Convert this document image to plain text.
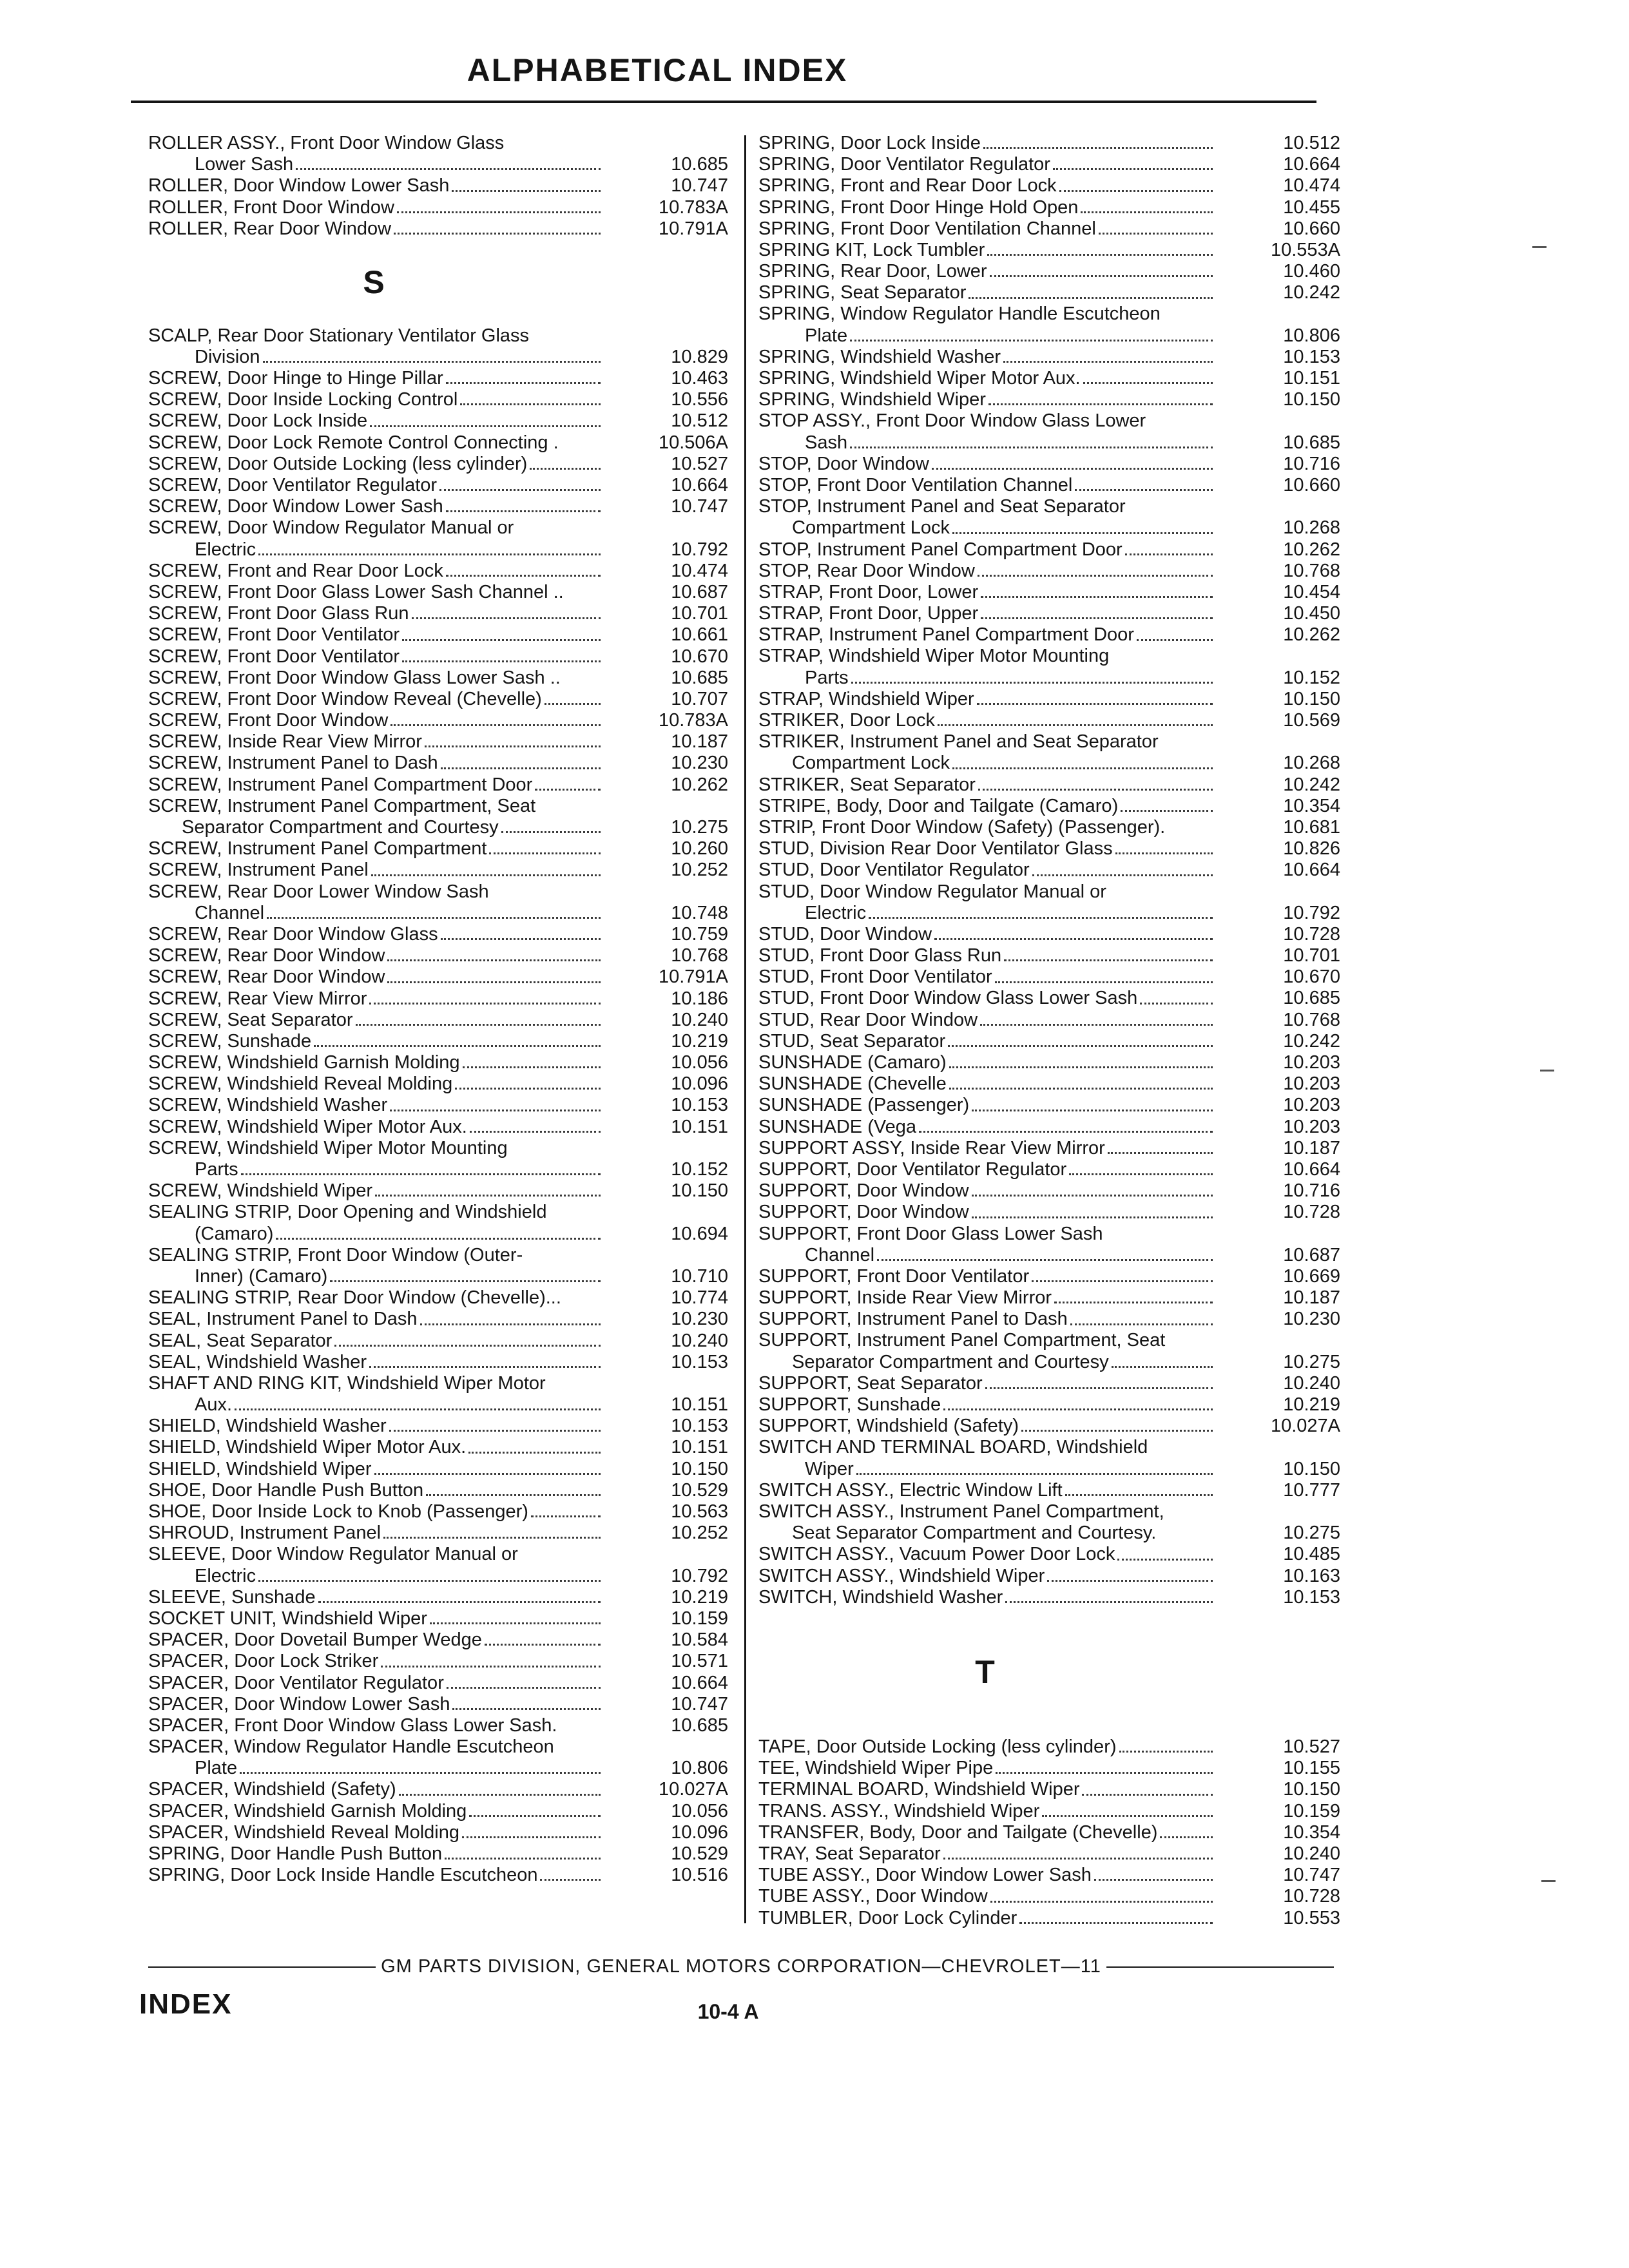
ALPHABETICAL INDEX
ROLLER ASSY., Front Door Window Glass
Lower Sash	10.685
ROLLER, Door Window Lower Sash	10.747
ROLLER, Front Door Window	10.783A
ROLLER, Rear Door Window	10.791A
S
SCALP, Rear Door Stationary Ventilator Glass
Division	10.829
SCREW, Door Hinge to Hinge Pillar	10.463
SCREW, Door Inside Locking Control	10.556
SCREW, Door Lock Inside	10.512
SCREW, Door Lock Remote Control Connecting .	10.506A
SCREW, Door Outside Locking (less cylinder)	10.527
SCREW, Door Ventilator Regulator	10.664
SCREW, Door Window Lower Sash	10.747
SCREW, Door Window Regulator Manual or
Electric	10.792
SCREW, Front and Rear Door Lock	10.474
SCREW, Front Door Glass Lower Sash Channel ..	10.687
SCREW, Front Door Glass Run	10.701
SCREW, Front Door Ventilator	10.661
SCREW, Front Door Ventilator	10.670
SCREW, Front Door Window Glass Lower Sash ..	10.685
SCREW, Front Door Window Reveal (Chevelle)	10.707
SCREW, Front Door Window	10.783A
SCREW, Inside Rear View Mirror	10.187
SCREW, Instrument Panel to Dash	10.230
SCREW, Instrument Panel Compartment Door	10.262
SCREW, Instrument Panel Compartment, Seat
Separator Compartment and Courtesy	10.275
SCREW, Instrument Panel Compartment	10.260
SCREW, Instrument Panel	10.252
SCREW, Rear Door Lower Window Sash
Channel	10.748
SCREW, Rear Door Window Glass	10.759
SCREW, Rear Door Window	10.768
SCREW, Rear Door Window	10.791A
SCREW, Rear View Mirror	10.186
SCREW, Seat Separator	10.240
SCREW, Sunshade	10.219
SCREW, Windshield Garnish Molding	10.056
SCREW, Windshield Reveal Molding	10.096
SCREW, Windshield Washer	10.153
SCREW, Windshield Wiper Motor Aux.	10.151
SCREW, Windshield Wiper Motor Mounting
Parts	10.152
SCREW, Windshield Wiper	10.150
SEALING STRIP, Door Opening and Windshield
(Camaro)	10.694
SEALING STRIP, Front Door Window (Outer-
Inner) (Camaro)	10.710
SEALING STRIP, Rear Door Window (Chevelle)...	10.774
SEAL, Instrument Panel to Dash	10.230
SEAL, Seat Separator	10.240
SEAL, Windshield Washer	10.153
SHAFT AND RING KIT, Windshield Wiper Motor
Aux.	10.151
SHIELD, Windshield Washer	10.153
SHIELD, Windshield Wiper Motor Aux.	10.151
SHIELD, Windshield Wiper	10.150
SHOE, Door Handle Push Button	10.529
SHOE, Door Inside Lock to Knob (Passenger)	10.563
SHROUD, Instrument Panel	10.252
SLEEVE, Door Window Regulator Manual or
Electric	10.792
SLEEVE, Sunshade	10.219
SOCKET UNIT, Windshield Wiper	10.159
SPACER, Door Dovetail Bumper Wedge	10.584
SPACER, Door Lock Striker	10.571
SPACER, Door Ventilator Regulator	10.664
SPACER, Door Window Lower Sash	10.747
SPACER, Front Door Window Glass Lower Sash.	10.685
SPACER, Window Regulator Handle Escutcheon
Plate	10.806
SPACER, Windshield (Safety)	10.027A
SPACER, Windshield Garnish Molding	10.056
SPACER, Windshield Reveal Molding	10.096
SPRING, Door Handle Push Button	10.529
SPRING, Door Lock Inside Handle Escutcheon	10.516
SPRING, Door Lock Inside	10.512
SPRING, Door Ventilator Regulator	10.664
SPRING, Front and Rear Door Lock	10.474
SPRING, Front Door Hinge Hold Open	10.455
SPRING, Front Door Ventilation Channel	10.660
SPRING KIT, Lock Tumbler	10.553A
SPRING, Rear Door, Lower	10.460
SPRING, Seat Separator	10.242
SPRING, Window Regulator Handle Escutcheon
Plate	10.806
SPRING, Windshield Washer	10.153
SPRING, Windshield Wiper Motor Aux.	10.151
SPRING, Windshield Wiper	10.150
STOP ASSY., Front Door Window Glass Lower
Sash	10.685
STOP, Door Window	10.716
STOP, Front Door Ventilation Channel	10.660
STOP, Instrument Panel and Seat Separator
Compartment Lock	10.268
STOP, Instrument Panel Compartment Door	10.262
STOP, Rear Door Window	10.768
STRAP, Front Door, Lower	10.454
STRAP, Front Door, Upper	10.450
STRAP, Instrument Panel Compartment Door	10.262
STRAP, Windshield Wiper Motor Mounting
Parts	10.152
STRAP, Windshield Wiper	10.150
STRIKER, Door Lock	10.569
STRIKER, Instrument Panel and Seat Separator
Compartment Lock	10.268
STRIKER, Seat Separator	10.242
STRIPE, Body, Door and Tailgate (Camaro)	10.354
STRIP, Front Door Window (Safety) (Passenger).	10.681
STUD, Division Rear Door Ventilator Glass	10.826
STUD, Door Ventilator Regulator	10.664
STUD, Door Window Regulator Manual or
Electric	10.792
STUD, Door Window	10.728
STUD, Front Door Glass Run	10.701
STUD, Front Door Ventilator	10.670
STUD, Front Door Window Glass Lower Sash	10.685
STUD, Rear Door Window	10.768
STUD, Seat Separator	10.242
SUNSHADE (Camaro)	10.203
SUNSHADE (Chevelle	10.203
SUNSHADE (Passenger)	10.203
SUNSHADE (Vega	10.203
SUPPORT ASSY, Inside Rear View Mirror	10.187
SUPPORT, Door Ventilator Regulator	10.664
SUPPORT, Door Window	10.716
SUPPORT, Door Window	10.728
SUPPORT, Front Door Glass Lower Sash
Channel	10.687
SUPPORT, Front Door Ventilator	10.669
SUPPORT, Inside Rear View Mirror	10.187
SUPPORT, Instrument Panel to Dash	10.230
SUPPORT, Instrument Panel Compartment, Seat
Separator Compartment and Courtesy	10.275
SUPPORT, Seat Separator	10.240
SUPPORT, Sunshade	10.219
SUPPORT, Windshield (Safety)	10.027A
SWITCH AND TERMINAL BOARD, Windshield
Wiper	10.150
SWITCH ASSY., Electric Window Lift	10.777
SWITCH ASSY., Instrument Panel Compartment,
Seat Separator Compartment and Courtesy.	10.275
SWITCH ASSY., Vacuum Power Door Lock	10.485
SWITCH ASSY., Windshield Wiper	10.163
SWITCH, Windshield Washer	10.153
T
TAPE, Door Outside Locking (less cylinder)	10.527
TEE, Windshield Wiper Pipe	10.155
TERMINAL BOARD, Windshield Wiper	10.150
TRANS. ASSY., Windshield Wiper	10.159
TRANSFER, Body, Door and Tailgate (Chevelle)	10.354
TRAY, Seat Separator	10.240
TUBE ASSY., Door Window Lower Sash	10.747
TUBE ASSY., Door Window	10.728
TUMBLER, Door Lock Cylinder	10.553
GM PARTS DIVISION, GENERAL MOTORS CORPORATION—CHEVROLET—11
INDEX	10-4 A
